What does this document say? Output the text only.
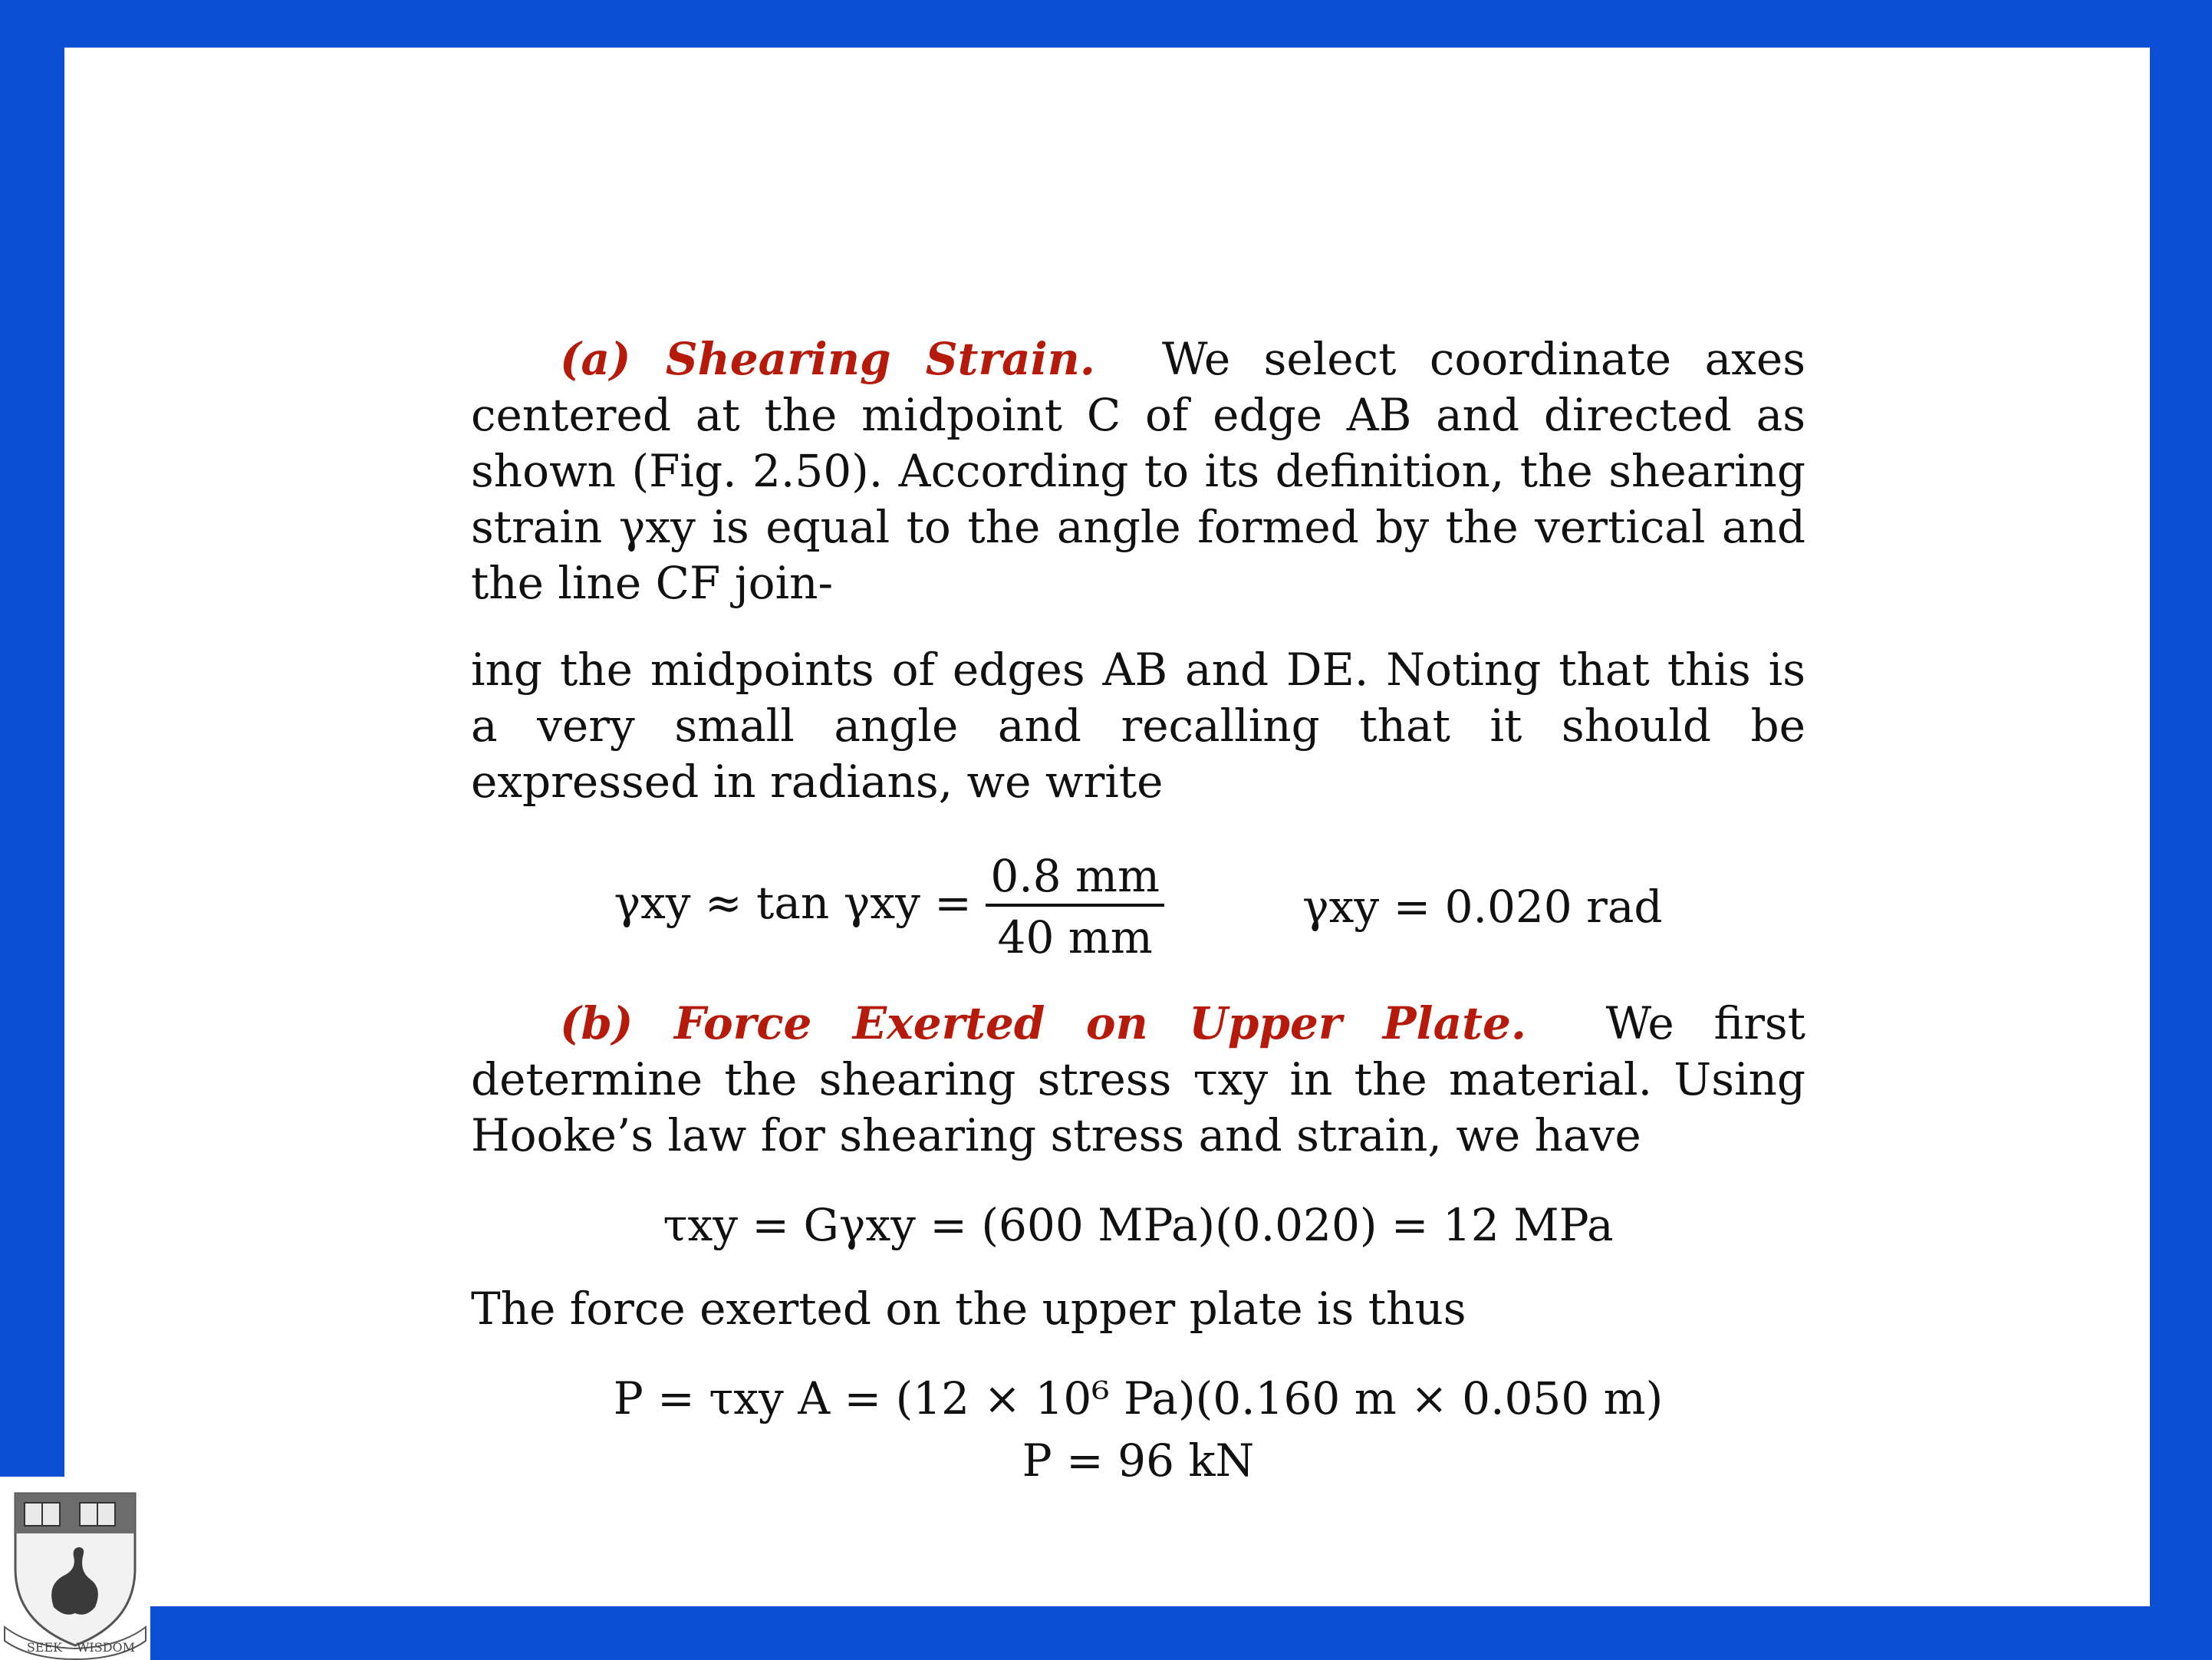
(a) Shearing Strain. We select coordinate axes centered at the midpoint C of edge AB and directed as shown (Fig. 2.50). According to its definition, the shearing strain γxy is equal to the angle formed by the vertical and the line CF join-

ing the midpoints of edges AB and DE. Noting that this is a very small angle and recalling that it should be expressed in radians, we write

$\gamma xy \approx \tan \gamma xy = \frac{0.8 mm}{40 mm}$	γxy = 0.020 rad

(b) Force Exerted on Upper Plate. We first determine the shearing stress τxy in the material. Using Hooke’s law for shearing stress and strain, we have

τxy = Gγxy = (600 MPa)(0.020) = 12 MPa

The force exerted on the upper plate is thus

P = τxy A = (12 × 10⁶ Pa)(0.160 m × 0.050 m)
P = 96 kN
SEEK WISDOM
